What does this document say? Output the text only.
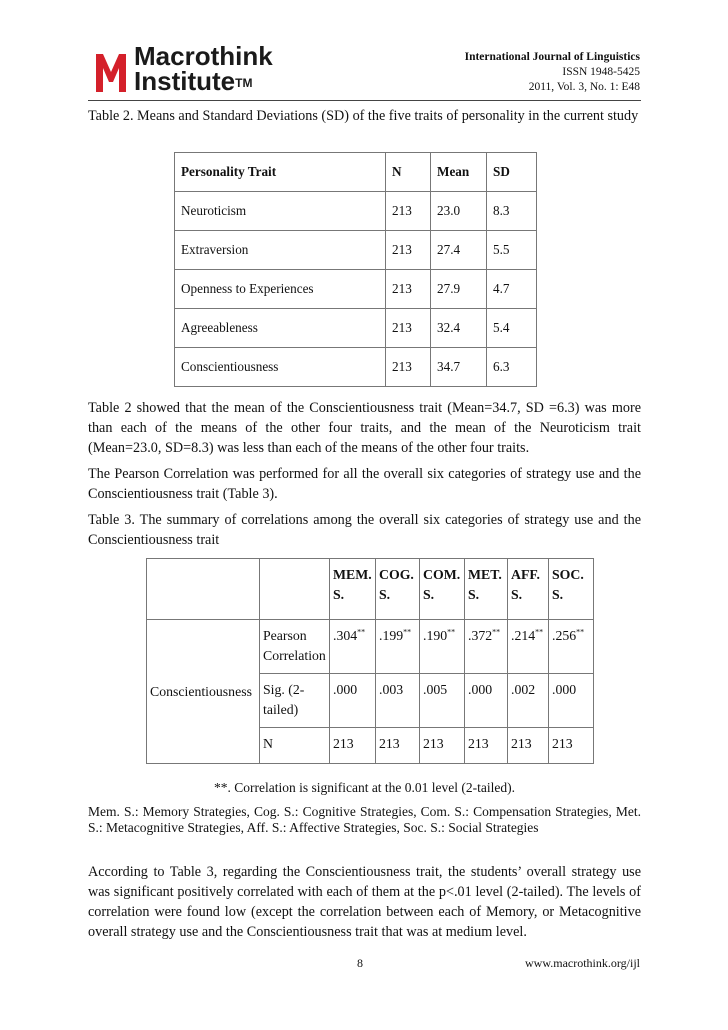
Macrothink
Institute™
International Journal of Linguistics
ISSN 1948-5425
2011, Vol. 3, No. 1: E48
Table 2. Means and Standard Deviations (SD) of the five traits of personality in the current study
Personality Trait	N	Mean	SD
Neuroticism	213	23.0	8.3
Extraversion	213	27.4	5.5
Openness to Experiences	213	27.9	4.7
Agreeableness	213	32.4	5.4
Conscientiousness	213	34.7	6.3
Table 2 showed that the mean of the Conscientiousness trait (Mean=34.7, SD =6.3) was more than each of the means of the other four traits, and the mean of the Neuroticism trait (Mean=23.0, SD=8.3) was less than each of the means of the other four traits.
The Pearson Correlation was performed for all the overall six categories of strategy use and the Conscientiousness trait (Table 3).
Table 3. The summary of correlations among the overall six categories of strategy use and the Conscientiousness trait
		MEM. S.	COG. S.	COM. S.	MET. S.	AFF. S.	SOC. S.
Conscientiousness	Pearson Correlation	.304**	.199**	.190**	.372**	.214**	.256**
	Sig. (2-tailed)	.000	.003	.005	.000	.002	.000
	N	213	213	213	213	213	213
**. Correlation is significant at the 0.01 level (2-tailed).
Mem. S.: Memory Strategies, Cog. S.: Cognitive Strategies, Com. S.: Compensation Strategies, Met. S.: Metacognitive Strategies, Aff. S.: Affective Strategies, Soc. S.: Social Strategies
According to Table 3, regarding the Conscientiousness trait, the students’ overall strategy use was significant positively correlated with each of them at the p<.01 level (2-tailed). The levels of correlation were found low (except the correlation between each of Memory, or Metacognitive overall strategy use and the Conscientiousness trait that was at medium level.
8	www.macrothink.org/ijl
